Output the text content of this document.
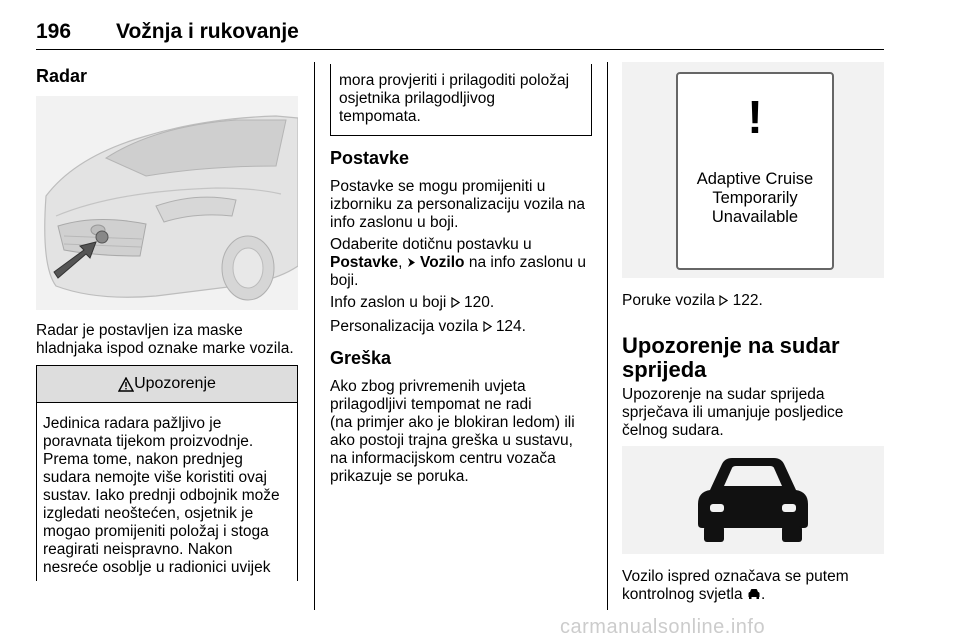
196 Vožnja i rukovanje
Radar
Radar je postavljen iza maske
hladnjaka ispod oznake marke vozila.
Upozorenje
Jedinica radara pažljivo je
poravnata tijekom proizvodnje.
Prema tome, nakon prednjeg
sudara nemojte više koristiti ovaj
sustav. Iako prednji odbojnik može
izgledati neoštećen, osjetnik je
mogao promijeniti položaj i stoga
reagirati neispravno. Nakon
nesreće osoblje u radionici uvijek
mora provjeriti i prilagoditi položaj
osjetnika prilagodljivog
tempomata.
Postavke
Postavke se mogu promijeniti u
izborniku za personalizaciju vozila na
info zaslonu u boji.
Odaberite dotičnu postavku u
Postavke,  Vozilo na info zaslonu u
boji.
Info zaslon u boji 120.
Personalizacija vozila 124.
Greška
Ako zbog privremenih uvjeta
prilagodljivi tempomat ne radi
(na primjer ako je blokiran ledom) ili
ako postoji trajna greška u sustavu,
na informacijskom centru vozača
prikazuje se poruka.
!
Adaptive Cruise
Temporarily
Unavailable
Poruke vozila 122.
Upozorenje na sudar
sprijeda
Upozorenje na sudar sprijeda
sprječava ili umanjuje posljedice
čelnog sudara.
Vozilo ispred označava se putem
kontrolnog svjetla .
carmanualsonline.info
